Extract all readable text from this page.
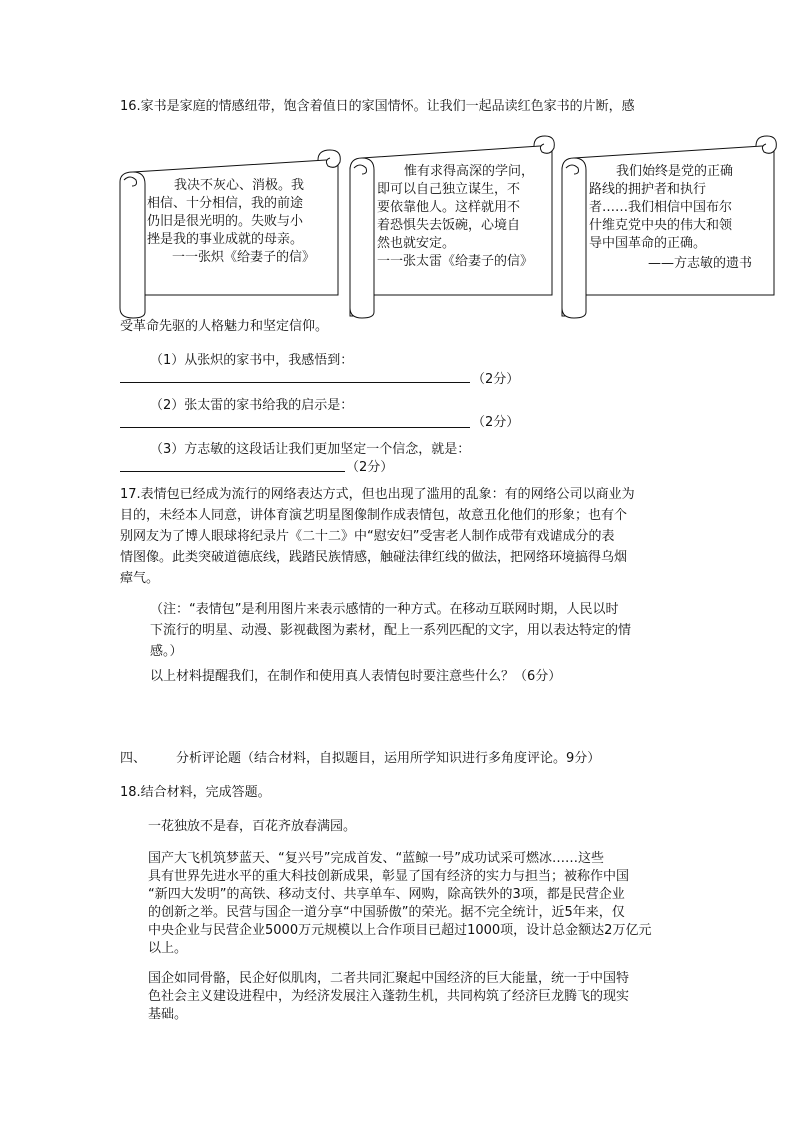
16.家书是家庭的情感纽带，饱含着值日的家国情怀。让我们一起品读红色家书的片断，感
我决不灰心、消极。我
相信、十分相信，我的前途
仍旧是很光明的。失败与小
挫是我的事业成就的母亲。
一一张炽《给妻子的信》
惟有求得高深的学问，
即可以自己独立谋生，不
要依靠他人。这样就用不
着恐惧失去饭碗，心境自
然也就安定。
一一张太雷《给妻子的信》
我们始终是党的正确
路线的拥护者和执行
者……我们相信中国布尔
什维克党中央的伟大和领
导中国革命的正确。
——方志敏的遗书
受革命先驱的人格魅力和坚定信仰。
（1）从张炽的家书中，我感悟到：
（2分）
（2）张太雷的家书给我的启示是：
（2分）
（3）方志敏的这段话让我们更加坚定一个信念，就是：
（2分）
17.表情包已经成为流行的网络表达方式，但也出现了滥用的乱象：有的网络公司以商业为
目的，未经本人同意，讲体育演艺明星图像制作成表情包，故意丑化他们的形象；也有个
别网友为了博人眼球将纪录片《二十二》中“慰安妇”受害老人制作成带有戏谑成分的表
情图像。此类突破道德底线，践踏民族情感，触碰法律红线的做法，把网络环境搞得乌烟
瘴气。
（注：“表情包”是利用图片来表示感情的一种方式。在移动互联网时期，人民以时
下流行的明星、动漫、影视截图为素材，配上一系列匹配的文字，用以表达特定的情
感。）
以上材料提醒我们，在制作和使用真人表情包时要注意些什么？（6分）
四、 分析评论题（结合材料，自拟题目，运用所学知识进行多角度评论。9分）
18.结合材料，完成答题。
一花独放不是春，百花齐放春满园。
国产大飞机筑梦蓝天、“复兴号”完成首发、“蓝鲸一号”成功试采可燃冰……这些
具有世界先进水平的重大科技创新成果，彰显了国有经济的实力与担当；被称作中国
“新四大发明”的高铁、移动支付、共享单车、网购，除高铁外的3项，都是民营企业
的创新之举。民营与国企一道分享“中国骄傲”的荣光。据不完全统计，近5年来，仅
中央企业与民营企业5000万元规模以上合作项目已超过1000项，设计总金额达2万亿元
以上。
国企如同骨骼，民企好似肌肉，二者共同汇聚起中国经济的巨大能量，统一于中国特
色社会主义建设进程中，为经济发展注入蓬勃生机，共同构筑了经济巨龙腾飞的现实
基础。
